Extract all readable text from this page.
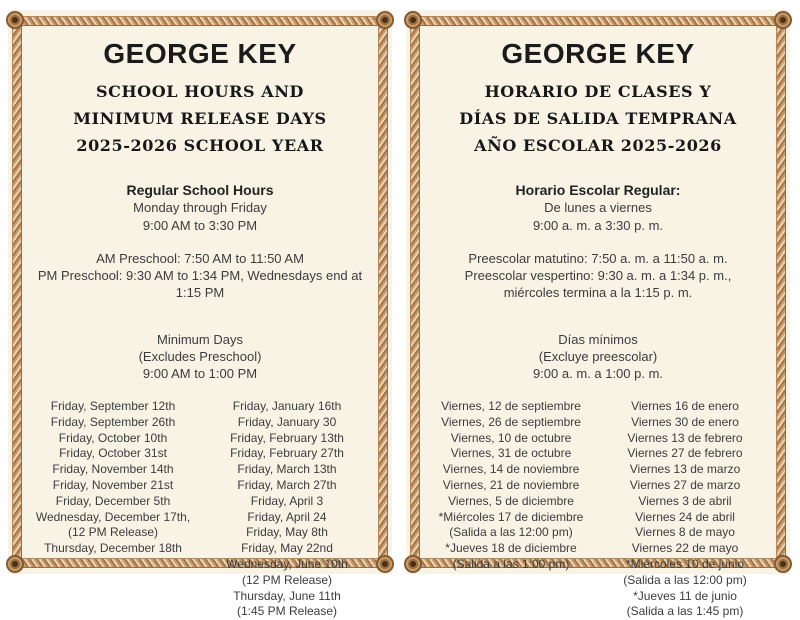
GEORGE KEY
SCHOOL HOURS AND
MINIMUM RELEASE DAYS
2025-2026 SCHOOL YEAR
Regular School Hours
Monday through Friday
9:00 AM to 3:30 PM
AM Preschool: 7:50 AM to 11:50 AM
PM Preschool: 9:30 AM to 1:34 PM, Wednesdays end at 1:15 PM
Minimum Days
(Excludes Preschool)
9:00 AM to 1:00 PM
Friday, September 12th
Friday, September 26th
Friday, October 10th
Friday, October 31st
Friday, November 14th
Friday, November 21st
Friday, December 5th
Wednesday, December 17th,
(12 PM Release)
Thursday, December 18th
Friday, January 16th
Friday, January 30
Friday, February 13th
Friday, February 27th
Friday, March 13th
Friday, March 27th
Friday, April 3
Friday, April 24
Friday, May 8th
Friday, May 22nd
Wednesday, June 10th
(12 PM Release)
Thursday, June 11th
(1:45 PM Release)
GEORGE KEY
HORARIO DE CLASES Y
DÍAS DE SALIDA TEMPRANA
AÑO ESCOLAR 2025-2026
Horario Escolar Regular:
De lunes a viernes
9:00 a. m. a 3:30 p. m.
Preescolar matutino: 7:50 a. m. a 11:50 a. m.
Preescolar vespertino: 9:30 a. m. a 1:34 p. m.,
miércoles termina a la 1:15 p. m.
Días mínimos
(Excluye preescolar)
9:00 a. m. a 1:00 p. m.
Viernes, 12 de septiembre
Viernes, 26 de septiembre
Viernes, 10 de octubre
Viernes, 31 de octubre
Viernes, 14 de noviembre
Viernes, 21 de noviembre
Viernes, 5 de diciembre
*Miércoles 17 de diciembre
(Salida a las 12:00 pm)
*Jueves 18 de diciembre
(Salida a las 1:00 pm)
Viernes 16 de enero
Viernes 30 de enero
Viernes 13 de febrero
Viernes 27 de febrero
Viernes 13 de marzo
Viernes 27 de marzo
Viernes 3 de abril
Viernes 24 de abril
Viernes 8 de mayo
Viernes 22 de mayo
*Miércoles 10 de junio
(Salida a las 12:00 pm)
*Jueves 11 de junio
(Salida a las 1:45 pm)
